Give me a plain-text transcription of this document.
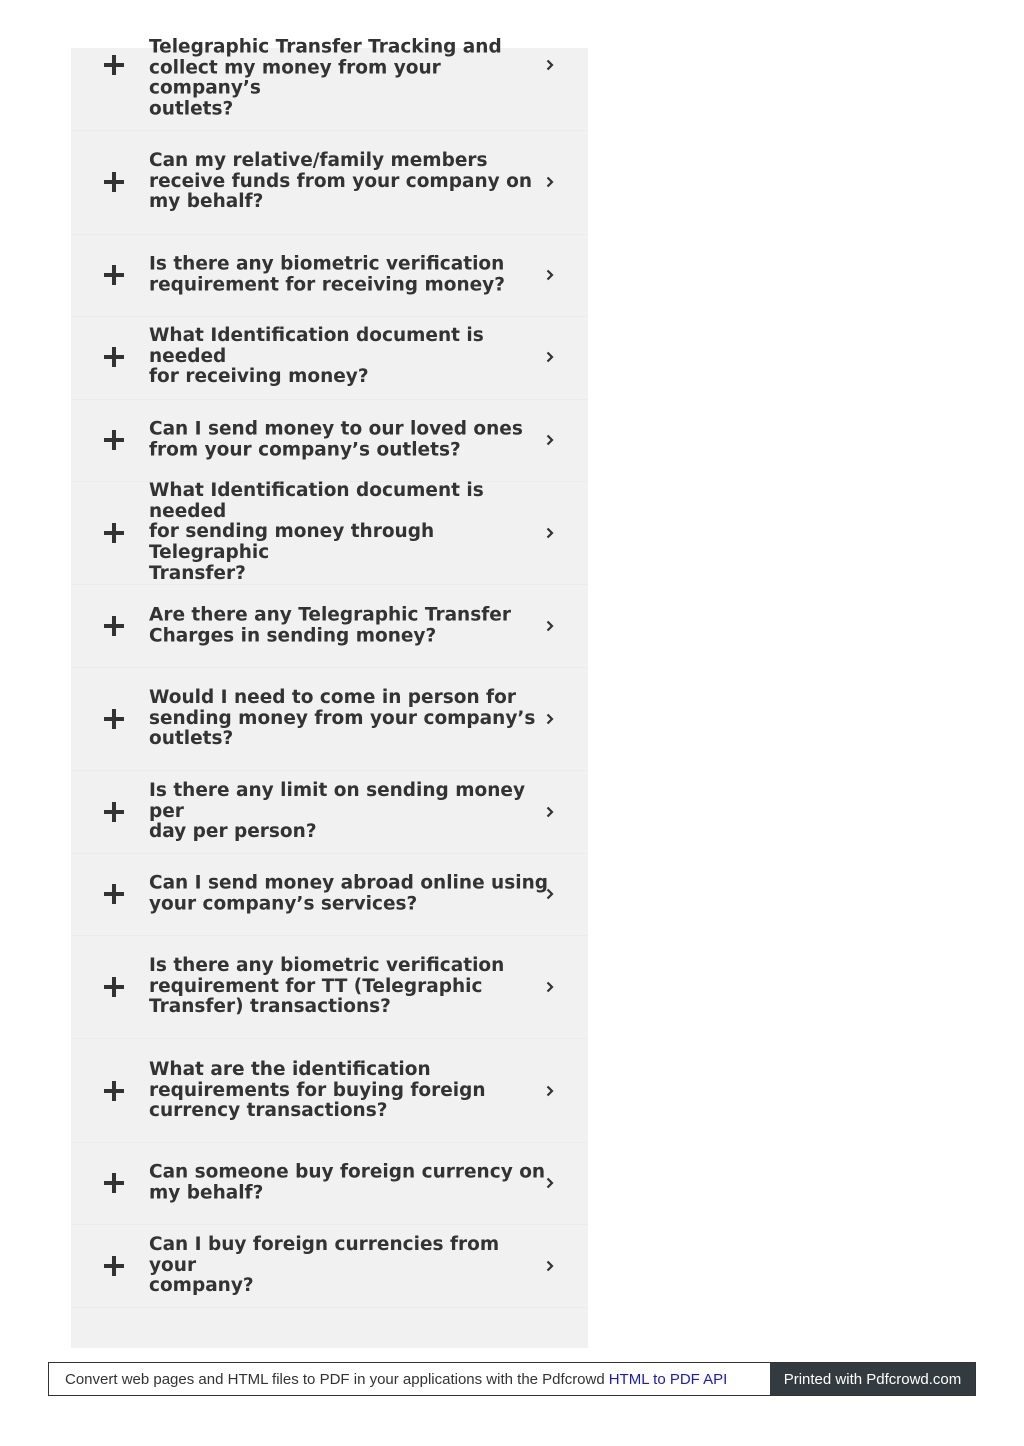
Telegraphic Transfer Tracking and
collect my money from your company’s
outlets?
Can my relative/family members
receive funds from your company on
my behalf?
Is there any biometric verification
requirement for receiving money?
What Identification document is needed
for receiving money?
Can I send money to our loved ones
from your company’s outlets?
What Identification document is needed
for sending money through Telegraphic
Transfer?
Are there any Telegraphic Transfer
Charges in sending money?
Would I need to come in person for
sending money from your company’s
outlets?
Is there any limit on sending money per
day per person?
Can I send money abroad online using
your company’s services?
Is there any biometric verification
requirement for TT (Telegraphic
Transfer) transactions?
What are the identification
requirements for buying foreign
currency transactions?
Can someone buy foreign currency on
my behalf?
Can I buy foreign currencies from your
company?
Convert web pages and HTML files to PDF in your applications with the Pdfcrowd HTML to PDF API	Printed with Pdfcrowd.com
